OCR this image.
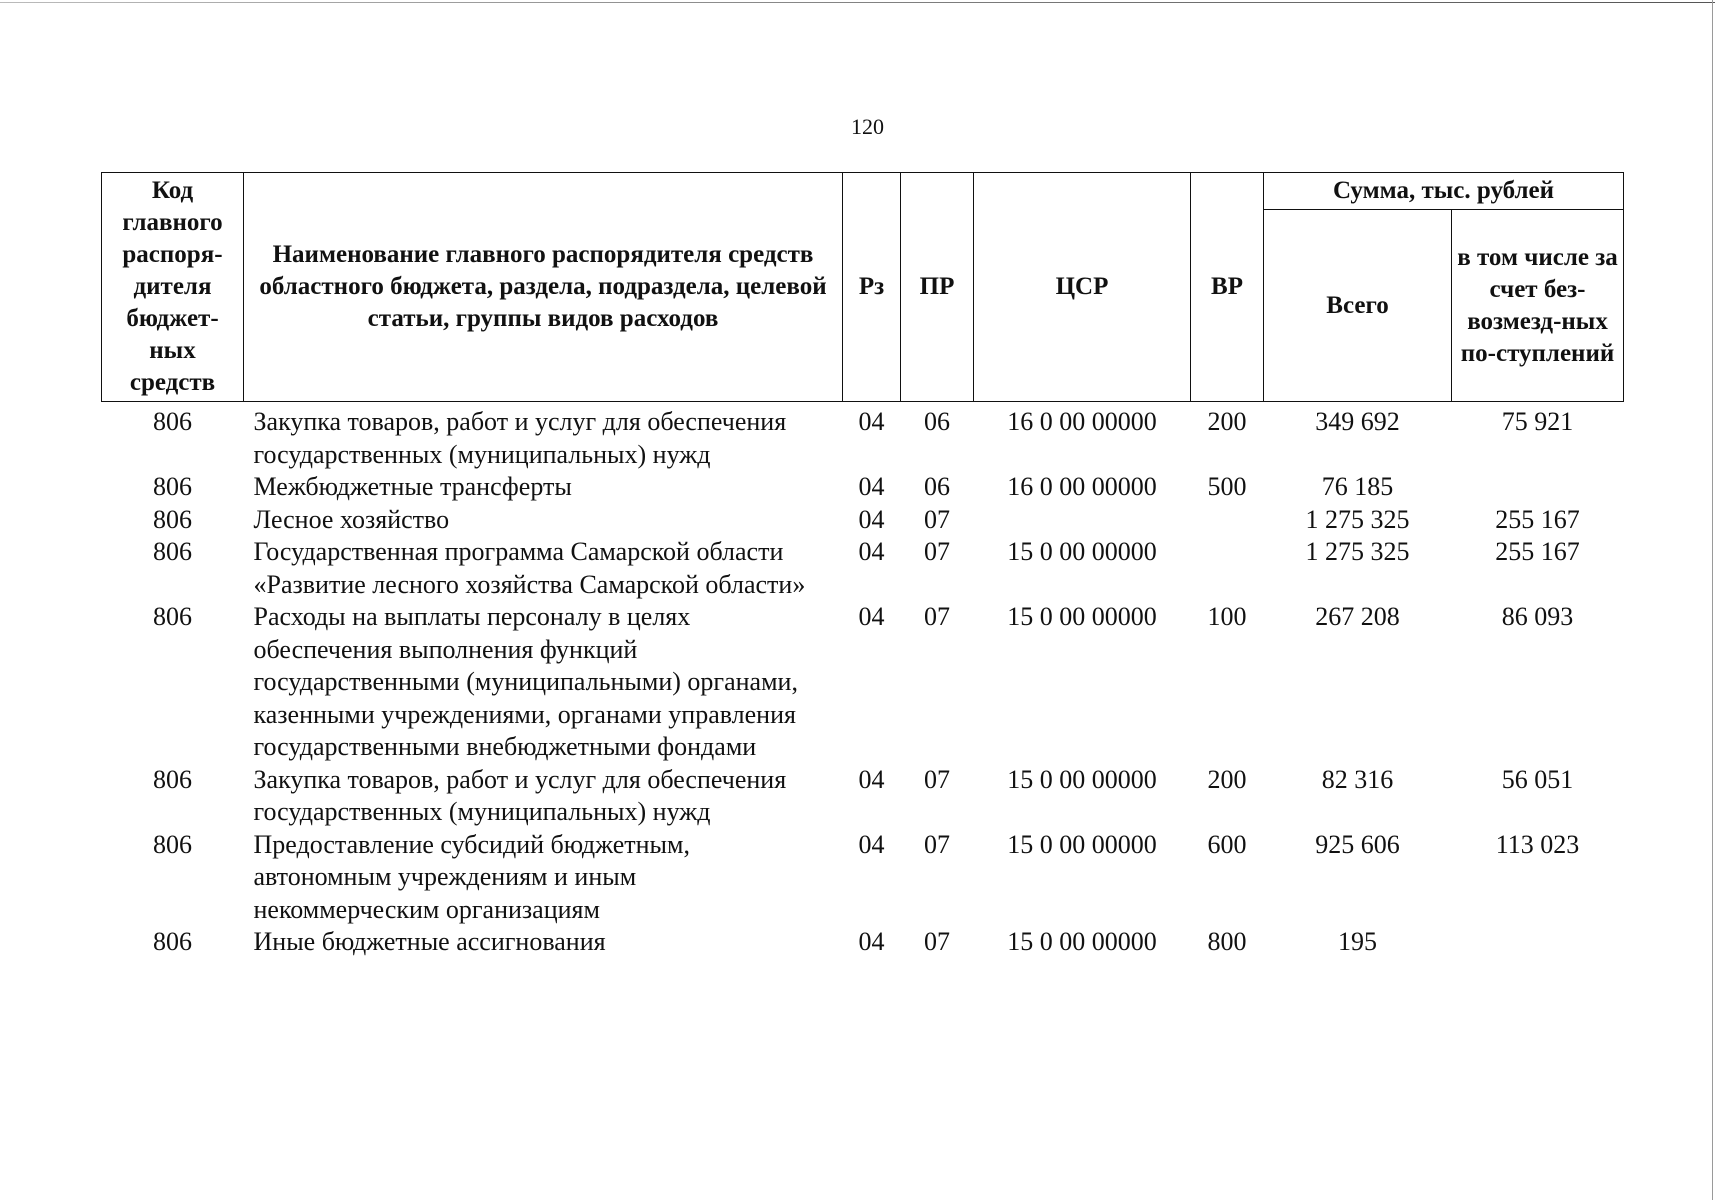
120
Код главного распоря-дителя бюджет-ных средств	Наименование главного распорядителя средств областного бюджета, раздела, подраздела, целевой статьи, группы видов расходов	Рз	ПР	ЦСР	ВР	Сумма, тыс. рублей	
						Всего	в том числе за счет без-возмезд-ных по-ступлений
806	Закупка товаров, работ и услуг для обеспечения государственных (муниципальных) нужд	04	06	16 0 00 00000	200	349 692	75 921
806	Межбюджетные трансферты	04	06	16 0 00 00000	500	76 185	
806	Лесное хозяйство	04	07			1 275 325	255 167
806	Государственная программа Самарской области «Развитие лесного хозяйства Самарской области»	04	07	15 0 00 00000		1 275 325	255 167
806	Расходы на выплаты персоналу в целях обеспечения выполнения функций государственными (муниципальными) органами, казенными учреждениями, органами управления государственными внебюджетными фондами	04	07	15 0 00 00000	100	267 208	86 093
806	Закупка товаров, работ и услуг для обеспечения государственных (муниципальных) нужд	04	07	15 0 00 00000	200	82 316	56 051
806	Предоставление субсидий бюджетным, автономным учреждениям и иным некоммерческим организациям	04	07	15 0 00 00000	600	925 606	113 023
806	Иные бюджетные ассигнования	04	07	15 0 00 00000	800	195	
